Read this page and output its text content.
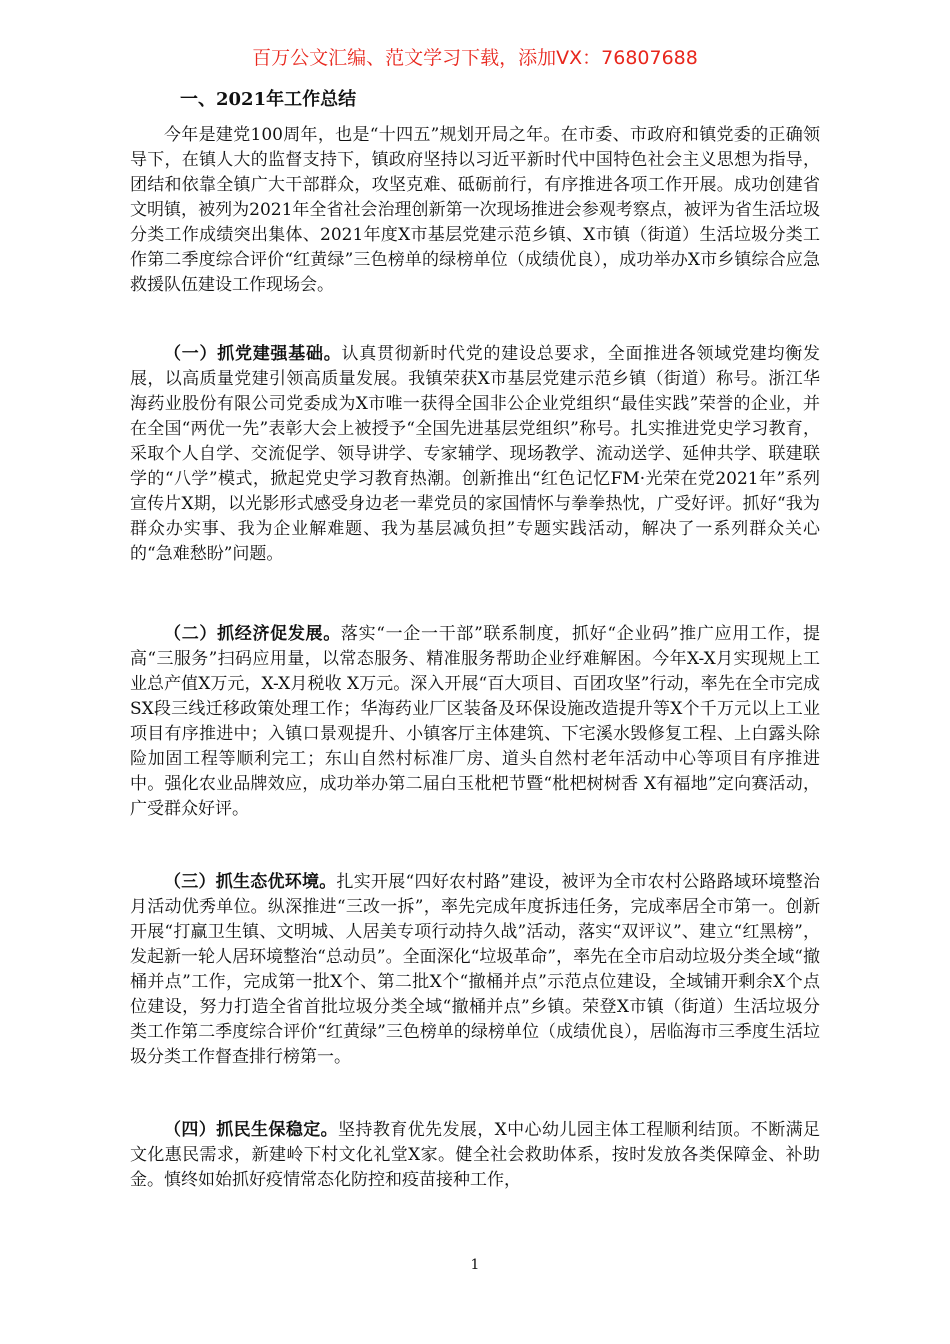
百万公文汇编、范文学习下载，添加VX：76807688
一、2021年工作总结

今年是建党100周年，也是“十四五”规划开局之年。在市委、市政府和镇党委的正确领导下，在镇人大的监督支持下，镇政府坚持以习近平新时代中国特色社会主义思想为指导，团结和依靠全镇广大干部群众，攻坚克难、砥砺前行，有序推进各项工作开展。成功创建省文明镇，被列为2021年全省社会治理创新第一次现场推进会参观考察点，被评为省生活垃圾分类工作成绩突出集体、2021年度X市基层党建示范乡镇、X市镇（街道）生活垃圾分类工作第二季度综合评价“红黄绿”三色榜单的绿榜单位（成绩优良），成功举办X市乡镇综合应急救援队伍建设工作现场会。

（一）抓党建强基础。认真贯彻新时代党的建设总要求，全面推进各领域党建均衡发展，以高质量党建引领高质量发展。我镇荣获X市基层党建示范乡镇（街道）称号。浙江华海药业股份有限公司党委成为X市唯一获得全国非公企业党组织“最佳实践”荣誉的企业，并在全国“两优一先”表彰大会上被授予“全国先进基层党组织”称号。扎实推进党史学习教育，采取个人自学、交流促学、领导讲学、专家辅学、现场教学、流动送学、延伸共学、联建联学的“八学”模式，掀起党史学习教育热潮。创新推出“红色记忆FM·光荣在党2021年”系列宣传片X期，以光影形式感受身边老一辈党员的家国情怀与拳拳热忱，广受好评。抓好“我为群众办实事、我为企业解难题、我为基层减负担”专题实践活动，解决了一系列群众关心的“急难愁盼”问题。

（二）抓经济促发展。落实“一企一干部”联系制度，抓好“企业码”推广应用工作，提高“三服务”扫码应用量，以常态服务、精准服务帮助企业纾难解困。今年X-X月实现规上工业总产值X万元，X-X月税收 X万元。深入开展“百大项目、百团攻坚”行动，率先在全市完成SX段三线迁移政策处理工作；华海药业厂区装备及环保设施改造提升等X个千万元以上工业项目有序推进中；入镇口景观提升、小镇客厅主体建筑、下宅溪水毁修复工程、上白露头除险加固工程等顺利完工；东山自然村标准厂房、道头自然村老年活动中心等项目有序推进中。强化农业品牌效应，成功举办第二届白玉枇杷节暨“枇杷树树香 X有福地”定向赛活动，广受群众好评。

（三）抓生态优环境。扎实开展“四好农村路”建设，被评为全市农村公路路域环境整治月活动优秀单位。纵深推进“三改一拆”，率先完成年度拆违任务，完成率居全市第一。创新开展“打赢卫生镇、文明城、人居美专项行动持久战”活动，落实“双评议”、建立“红黑榜”，发起新一轮人居环境整治“总动员”。全面深化“垃圾革命”，率先在全市启动垃圾分类全域“撤桶并点”工作，完成第一批X个、第二批X个“撤桶并点”示范点位建设，全域铺开剩余X个点位建设，努力打造全省首批垃圾分类全域“撤桶并点”乡镇。荣登X市镇（街道）生活垃圾分类工作第二季度综合评价“红黄绿”三色榜单的绿榜单位（成绩优良），居临海市三季度生活垃圾分类工作督查排行榜第一。

（四）抓民生保稳定。坚持教育优先发展，X中心幼儿园主体工程顺利结顶。不断满足文化惠民需求，新建岭下村文化礼堂X家。健全社会救助体系，按时发放各类保障金、补助金。慎终如始抓好疫情常态化防控和疫苗接种工作，

1
